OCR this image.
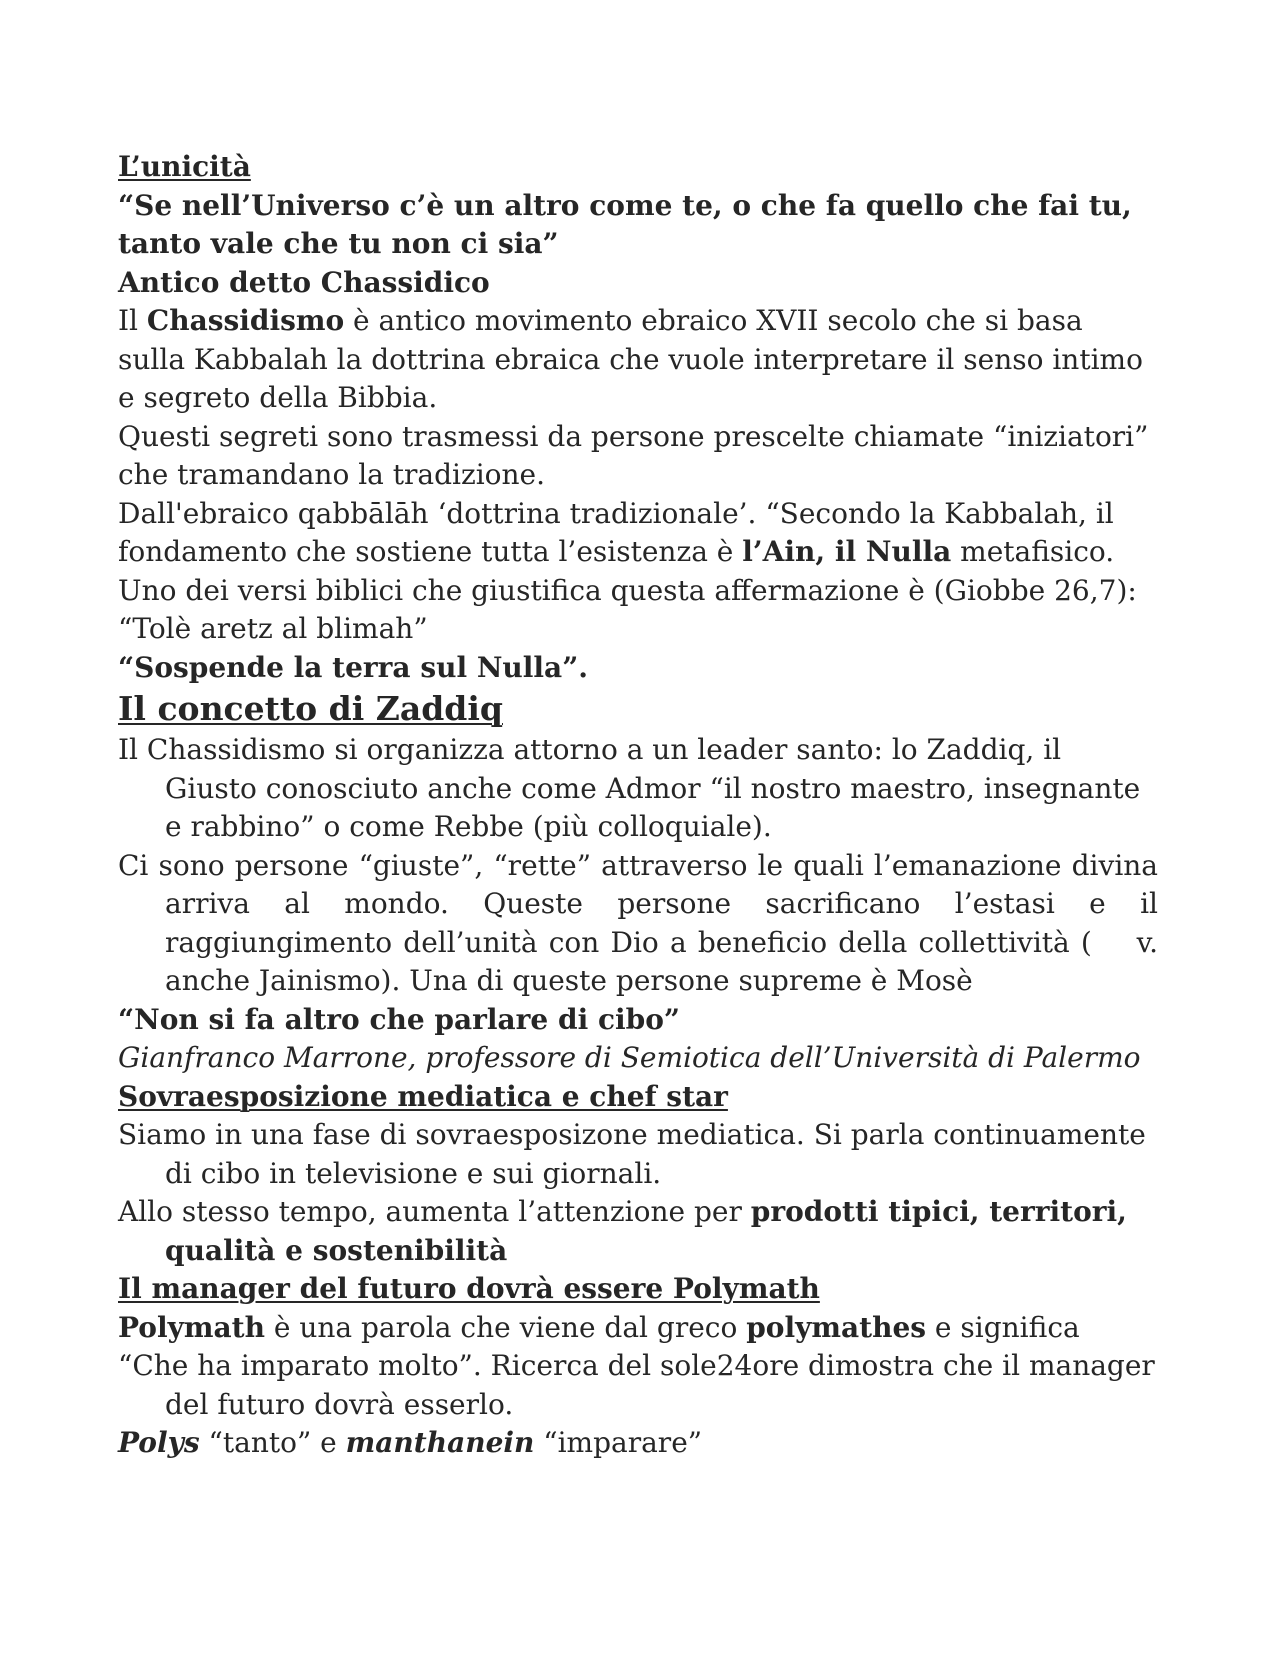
L’unicità

“Se nell’Universo c’è un altro come te, o che fa quello che fai tu, tanto vale che tu non ci sia”

Antico detto Chassidico

Il Chassidismo è antico movimento ebraico XVII secolo che si basa sulla Kabbalah la dottrina ebraica che vuole interpretare il senso intimo e segreto della Bibbia.

Questi segreti sono trasmessi da persone prescelte chiamate “iniziatori” che tramandano la tradizione.

Dall'ebraico qabbālāh ‘dottrina tradizionale’. “Secondo la Kabbalah, il fondamento che sostiene tutta l’esistenza è l’Ain, il Nulla metafisico.

Uno dei versi biblici che giustifica questa affermazione è (Giobbe 26,7):

“Tolè aretz al blimah”

“Sospende la terra sul Nulla”.

Il concetto di Zaddiq

Il Chassidismo si organizza attorno a un leader santo: lo Zaddiq, il Giusto conosciuto anche come Admor “il nostro maestro, insegnante e rabbino” o come Rebbe (più colloquiale).

Ci sono persone “giuste”, “rette” attraverso le quali l’emanazione divina arriva al mondo. Queste persone sacrificano l’estasi e il raggiungimento dell’unità con Dio a beneficio della collettività (    v. anche Jainismo). Una di queste persone supreme è Mosè

“Non si fa altro che parlare di cibo”

Gianfranco Marrone, professore di Semiotica dell’Università di Palermo

Sovraesposizione mediatica e chef star

Siamo in una fase di sovraesposizone mediatica. Si parla continuamente di cibo in televisione e sui giornali.

Allo stesso tempo, aumenta l’attenzione per prodotti tipici, territori, qualità e sostenibilità

Il manager del futuro dovrà essere Polymath

Polymath è una parola che viene dal greco polymathes e significa

“Che ha imparato molto”. Ricerca del sole24ore dimostra che il manager del futuro dovrà esserlo.

Polys “tanto” e manthanein “imparare”
